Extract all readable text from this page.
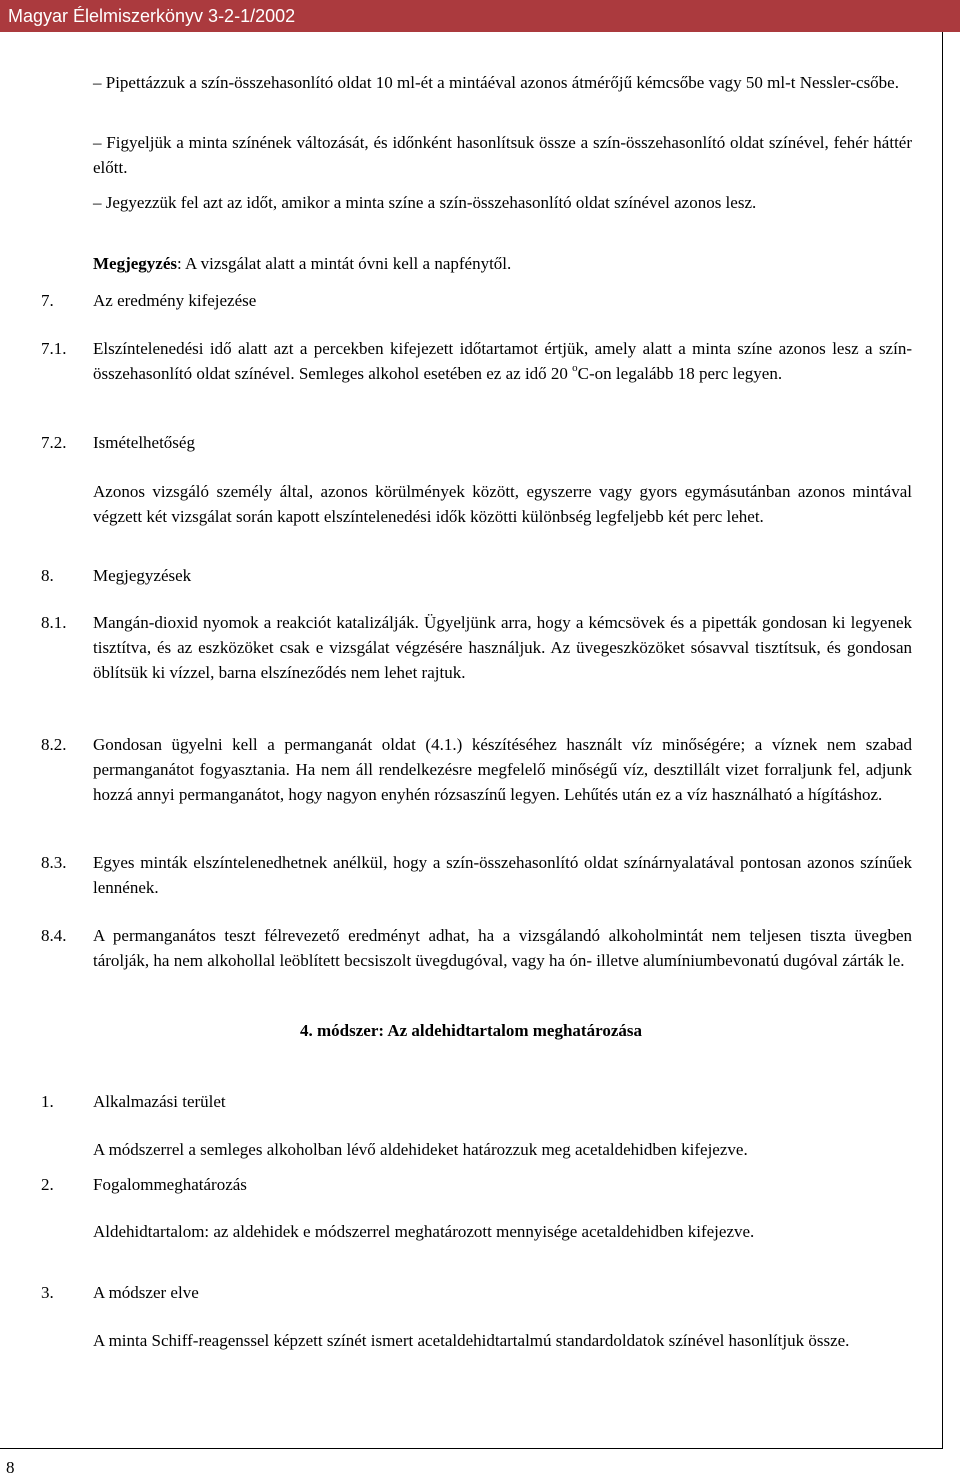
Magyar Élelmiszerkönyv 3-2-1/2002

– Pipettázzuk a szín-összehasonlító oldat 10 ml-ét a mintáéval azonos átmérőjű kémcsőbe vagy 50 ml-t Nessler-csőbe.

– Figyeljük a minta színének változását, és időnként hasonlítsuk össze a szín-összehasonlító oldat színével, fehér háttér előtt.

– Jegyezzük fel azt az időt, amikor a minta színe a szín-összehasonlító oldat színével azonos lesz.

Megjegyzés: A vizsgálat alatt a mintát óvni kell a napfénytől.

7. Az eredmény kifejezése

7.1. Elszíntelenedési idő alatt azt a percekben kifejezett időtartamot értjük, amely alatt a minta színe azonos lesz a szín-összehasonlító oldat színével. Semleges alkohol esetében ez az idő 20 $^o$C-on legalább 18 perc legyen.

7.2. Ismételhetőség

Azonos vizsgáló személy által, azonos körülmények között, egyszerre vagy gyors egymásutánban azonos mintával végzett két vizsgálat során kapott elszíntelenedési idők közötti különbség legfeljebb két perc lehet.

8. Megjegyzések

8.1. Mangán-dioxid nyomok a reakciót katalizálják. Ügyeljünk arra, hogy a kémcsövek és a pipetták gondosan ki legyenek tisztítva, és az eszközöket csak e vizsgálat végzésére használjuk. Az üvegeszközöket sósavval tisztítsuk, és gondosan öblítsük ki vízzel, barna elszíneződés nem lehet rajtuk.

8.2. Gondosan ügyelni kell a permanganát oldat (4.1.) készítéséhez használt víz minőségére; a víznek nem szabad permanganátot fogyasztania. Ha nem áll rendelkezésre megfelelő minőségű víz, desztillált vizet forraljunk fel, adjunk hozzá annyi permanganátot, hogy nagyon enyhén rózsaszínű legyen. Lehűtés után ez a víz használható a hígításhoz.

8.3. Egyes minták elszíntelenedhetnek anélkül, hogy a szín-összehasonlító oldat színárnyalatával pontosan azonos színűek lennének.

8.4. A permanganátos teszt félrevezető eredményt adhat, ha a vizsgálandó alkoholmintát nem teljesen tiszta üvegben tárolják, ha nem alkohollal leöblített becsiszolt üvegdugóval, vagy ha ón- illetve alumíniumbevonatú dugóval zárták le.

4. módszer: Az aldehidtartalom meghatározása

1. Alkalmazási terület

A módszerrel a semleges alkoholban lévő aldehideket határozzuk meg acetaldehidben kifejezve.

2. Fogalommeghatározás

Aldehidtartalom: az aldehidek e módszerrel meghatározott mennyisége acetaldehidben kifejezve.

3. A módszer elve

A minta Schiff-reagenssel képzett színét ismert acetaldehidtartalmú standardoldatok színével hasonlítjuk össze.

8
